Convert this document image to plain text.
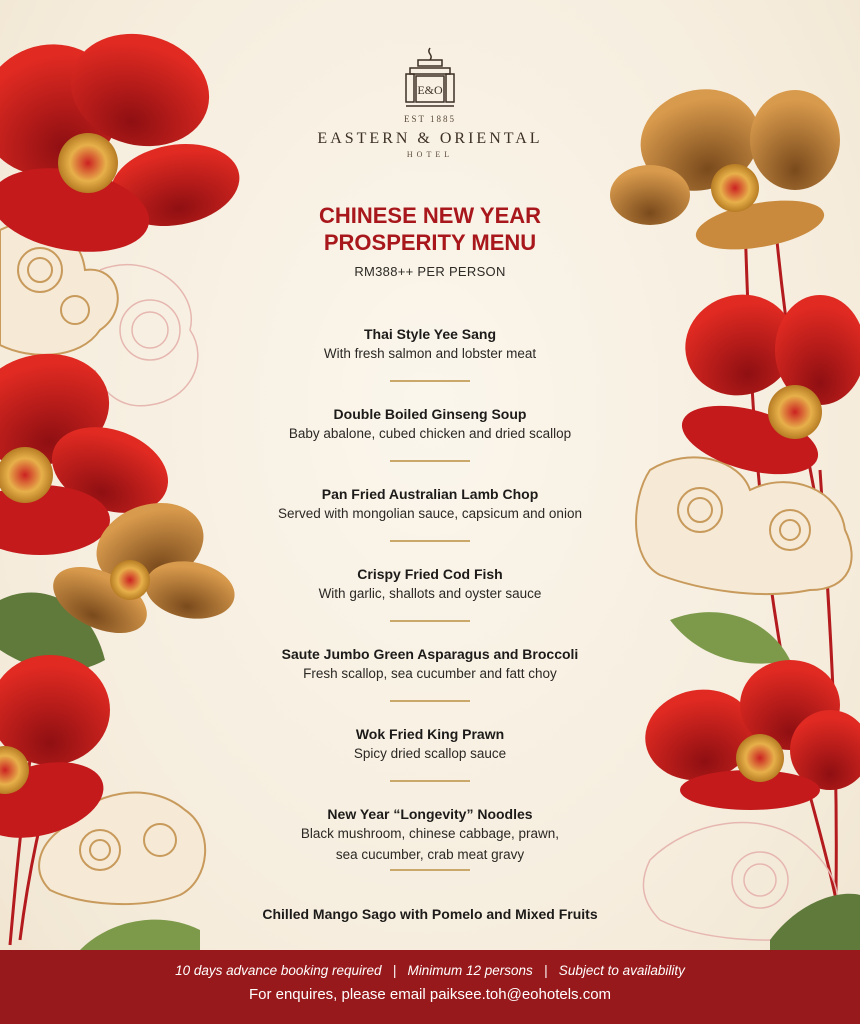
E&O
EST 1885
EASTERN & ORIENTAL
HOTEL
CHINESE NEW YEAR
PROSPERITY MENU
RM388++ PER PERSON
Thai Style Yee Sang
With fresh salmon and lobster meat
Double Boiled Ginseng Soup
Baby abalone, cubed chicken and dried scallop
Pan Fried Australian Lamb Chop
Served with mongolian sauce, capsicum and onion
Crispy Fried Cod Fish
With garlic, shallots and oyster sauce
Saute Jumbo Green Asparagus and Broccoli
Fresh scallop, sea cucumber and fatt choy
Wok Fried King Prawn
Spicy dried scallop sauce
New Year “Longevity” Noodles
Black mushroom, chinese cabbage, prawn,
sea cucumber, crab meat gravy
Chilled Mango Sago with Pomelo and Mixed Fruits
10 days advance booking required   |   Minimum 12 persons   |   Subject to availability
For enquires, please email paiksee.toh@eohotels.com
